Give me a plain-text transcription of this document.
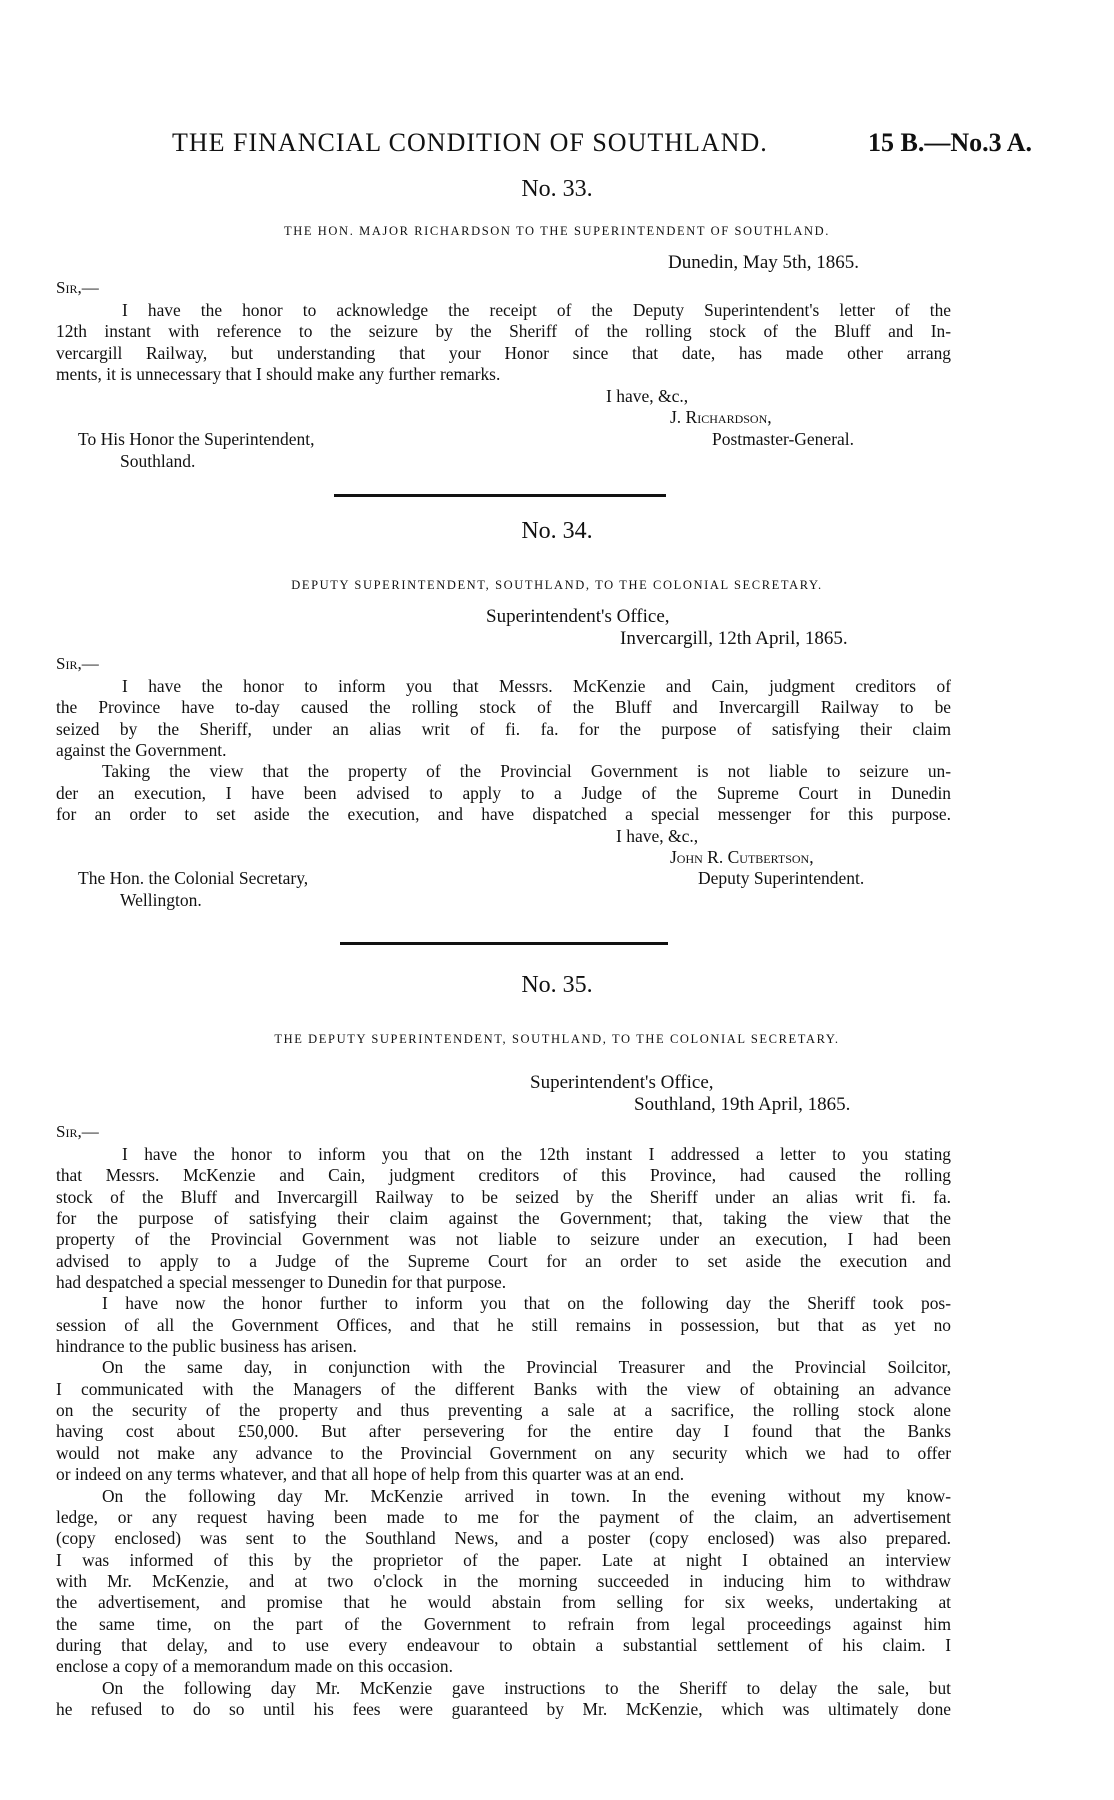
THE FINANCIAL CONDITION OF SOUTHLAND.	15 B.—No.3 A.
No. 33.
THE HON. MAJOR RICHARDSON TO THE SUPERINTENDENT OF SOUTHLAND.
Dunedin, May 5th, 1865.
Sir,—
I have the honor to acknowledge the receipt of the Deputy Superintendent's letter of the
12th instant with reference to the seizure by the Sheriff of the rolling stock of the Bluff and In-
vercargill Railway, but understanding that your Honor since that date, has made other arrang
ments, it is unnecessary that I should make any further remarks.
I have, &c.,
J. Richardson,
Postmaster-General.
To His Honor the Superintendent,
Southland.
No. 34.
DEPUTY SUPERINTENDENT, SOUTHLAND, TO THE COLONIAL SECRETARY.
Superintendent's Office,
Invercargill, 12th April, 1865.
Sir,—
I have the honor to inform you that Messrs. McKenzie and Cain, judgment creditors of
the Province have to-day caused the rolling stock of the Bluff and Invercargill Railway to be
seized by the Sheriff, under an alias writ of fi. fa. for the purpose of satisfying their claim
against the Government.
Taking the view that the property of the Provincial Government is not liable to seizure un-
der an execution, I have been advised to apply to a Judge of the Supreme Court in Dunedin
for an order to set aside the execution, and have dispatched a special messenger for this purpose.
I have, &c.,
John R. Cutbertson,
Deputy Superintendent.
The Hon. the Colonial Secretary,
Wellington.
No. 35.
THE DEPUTY SUPERINTENDENT, SOUTHLAND, TO THE COLONIAL SECRETARY.
Superintendent's Office,
Southland, 19th April, 1865.
Sir,—
I have the honor to inform you that on the 12th instant I addressed a letter to you stating
that Messrs. McKenzie and Cain, judgment creditors of this Province, had caused the rolling
stock of the Bluff and Invercargill Railway to be seized by the Sheriff under an alias writ fi. fa.
for the purpose of satisfying their claim against the Government; that, taking the view that the
property of the Provincial Government was not liable to seizure under an execution, I had been
advised to apply to a Judge of the Supreme Court for an order to set aside the execution and
had despatched a special messenger to Dunedin for that purpose.
I have now the honor further to inform you that on the following day the Sheriff took pos-
session of all the Government Offices, and that he still remains in possession, but that as yet no
hindrance to the public business has arisen.
On the same day, in conjunction with the Provincial Treasurer and the Provincial Soilcitor,
I communicated with the Managers of the different Banks with the view of obtaining an advance
on the security of the property and thus preventing a sale at a sacrifice, the rolling stock alone
having cost about £50,000. But after persevering for the entire day I found that the Banks
would not make any advance to the Provincial Government on any security which we had to offer
or indeed on any terms whatever, and that all hope of help from this quarter was at an end.
On the following day Mr. McKenzie arrived in town. In the evening without my know-
ledge, or any request having been made to me for the payment of the claim, an advertisement
(copy enclosed) was sent to the Southland News, and a poster (copy enclosed) was also prepared.
I was informed of this by the proprietor of the paper. Late at night I obtained an interview
with Mr. McKenzie, and at two o'clock in the morning succeeded in inducing him to withdraw
the advertisement, and promise that he would abstain from selling for six weeks, undertaking at
the same time, on the part of the Government to refrain from legal proceedings against him
during that delay, and to use every endeavour to obtain a substantial settlement of his claim. I
enclose a copy of a memorandum made on this occasion.
On the following day Mr. McKenzie gave instructions to the Sheriff to delay the sale, but
he refused to do so until his fees were guaranteed by Mr. McKenzie, which was ultimately done
